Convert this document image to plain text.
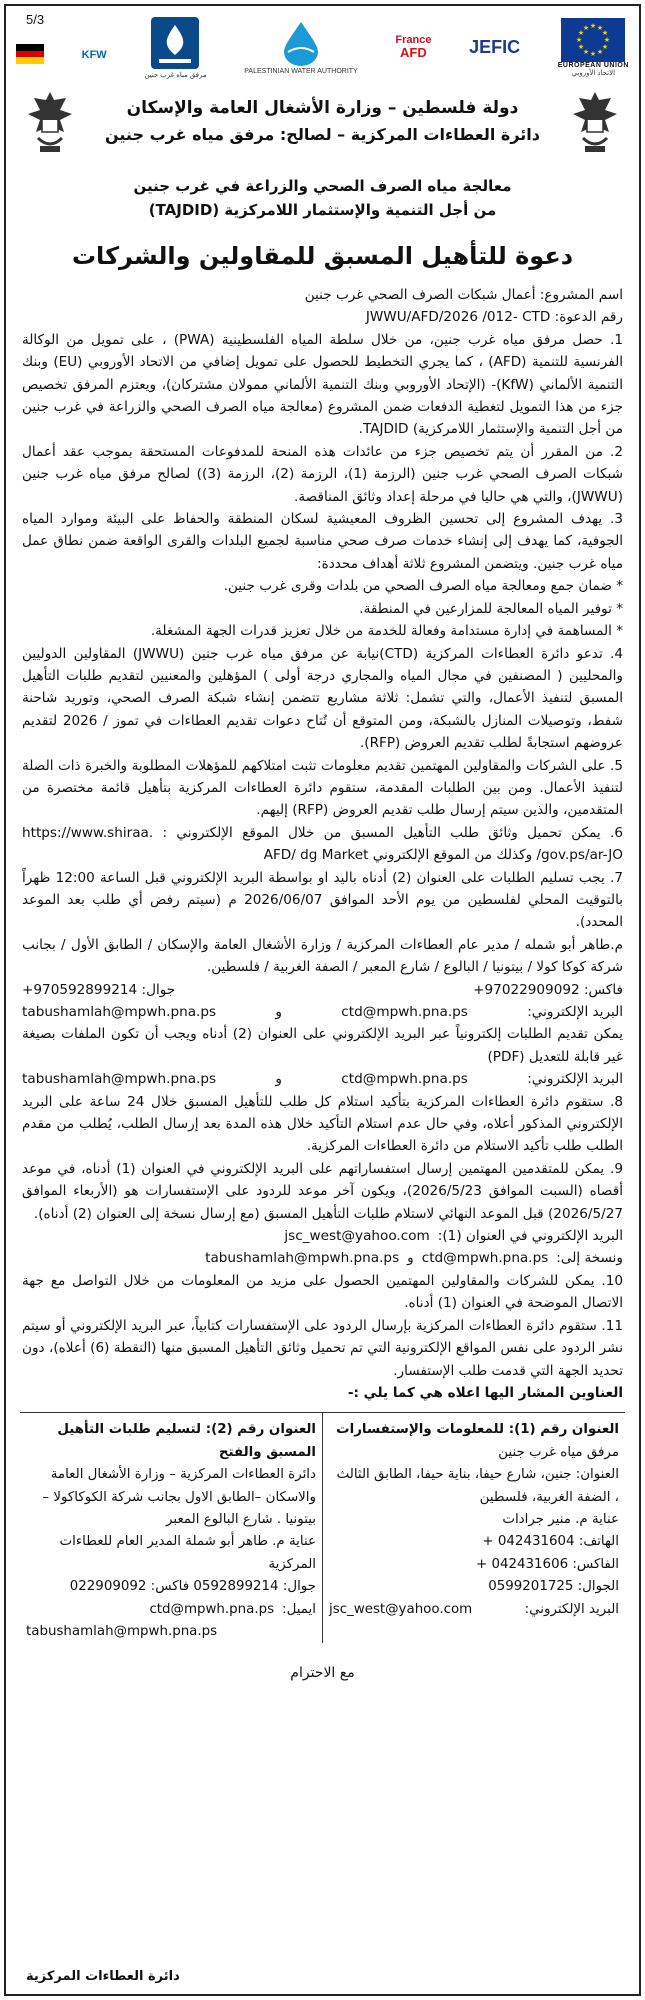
5/3
KFW
مرفق مياه غرب جنين
PALESTINIAN WATER AUTHORITY
France
AFD JEFIC
★ ★
★
★
★
★
★
★
★
★
★
★
EUROPEAN UNION
الاتحاد الأوروبي
دولة فلسطين – وزارة الأشغال العامة والإسكان
دائرة العطاءات المركزية – لصالح: مرفق مياه غرب جنين
معالجة مياه الصرف الصحي والزراعة في غرب جنين
من أجل التنمية والإستثمار اللامركزية (TAJDID)
دعوة للتأهيل المسبق للمقاولين والشركات

اسم المشروع: أعمال شبكات الصرف الصحي غرب جنين

رقم الدعوة: JWWU/AFD/2026 /012- CTD

1. حصل مرفق مياه غرب جنين، من خلال سلطة المياه الفلسطينية (PWA) ، على تمويل من الوكالة الفرنسية للتنمية (AFD) ، كما يجري التخطيط للحصول على تمويل إضافي من الاتحاد الأوروبي (EU) وبنك التنمية الألماني (KfW)- (الإتحاد الأوروبي وبنك التنمية الألماني ممولان مشتركان)، ويعتزم المرفق تخصيص جزء من هذا التمويل لتغطية الدفعات ضمن المشروع (معالجة مياه الصرف الصحي والزراعة في غرب جنين من أجل التنمية والإستثمار اللامركزية) TAJDID.

2. من المقرر أن يتم تخصيص جزء من عائدات هذه المنحة للمدفوعات المستحقة بموجب عقد أعمال شبكات الصرف الصحي غرب جنين (الرزمة (1)، الرزمة (2)، الرزمة (3)) لصالح مرفق مياه غرب جنين (JWWU)، والتي هي حاليا في مرحلة إعداد وثائق المناقصة.

3. يهدف المشروع إلى تحسين الظروف المعيشية لسكان المنطقة والحفاظ على البيئة وموارد المياه الجوفية، كما يهدف إلى إنشاء خدمات صرف صحي مناسبة لجميع البلدات والقرى الواقعة ضمن نطاق عمل مياه غرب جنين. ويتضمن المشروع ثلاثة أهداف محددة:

* ضمان جمع ومعالجة مياه الصرف الصحي من بلدات وقرى غرب جنين.

* توفير المياه المعالجة للمزارعين في المنطقة.

* المساهمة في إدارة مستدامة وفعالة للخدمة من خلال تعزيز قدرات الجهة المشغلة.

4. تدعو دائرة العطاءات المركزية (CTD)نيابة عن مرفق مياه غرب جنين (JWWU) المقاولين الدوليين والمحليين ( المصنفين في مجال المياه والمجاري درجة أولى ) المؤهلين والمعنيين لتقديم طلبات التأهيل المسبق لتنفيذ الأعمال، والتي تشمل: ثلاثة مشاريع تتضمن إنشاء شبكة الصرف الصحي، وتوريد شاحنة شفط، وتوصيلات المنازل بالشبكة، ومن المتوقع أن تُتاح دعوات تقديم العطاءات في تموز / 2026 لتقديم عروضهم استجابةً لطلب تقديم العروض (RFP).

5. على الشركات والمقاولين المهتمين تقديم معلومات تثبت امتلاكهم للمؤهلات المطلوبة والخبرة ذات الصلة لتنفيذ الأعمال. ومن بين الطلبات المقدمة، ستقوم دائرة العطاءات المركزية بتأهيل قائمة مختصرة من المتقدمين، والذين سيتم إرسال طلب تقديم العروض (RFP) إليهم.

6. يمكن تحميل وثائق طلب التأهيل المسبق من خلال الموقع الإلكتروني : https://www.shiraa. gov.ps/ar-JO/ وكذلك من الموقع الإلكتروني AFD/ dg Market

7. يجب تسليم الطلبات على العنوان (2) أدناه باليد او بواسطة البريد الإلكتروني قبل الساعة 12:00 ظهراً بالتوقيت المحلي لفلسطين من يوم الأحد الموافق 2026/06/07 م (سيتم رفض أي طلب بعد الموعد المحدد).

م.طاهر أبو شمله / مدير عام العطاءات المركزية / وزارة الأشغال العامة والإسكان / الطابق الأول / بجانب شركة كوكا كولا / بيتونيا / البالوع / شارع المعبر / الصفة الغربية / فلسطين.

فاكس: 97022909092+
جوال: 970592899214+
البريد الإلكتروني:
ctd@mpwh.pna.ps
و
tabushamlah@mpwh.pna.ps

يمكن تقديم الطلبات إلكترونياً عبر البريد الإلكتروني على العنوان (2) أدناه ويجب أن تكون الملفات بصيغة غير قابلة للتعديل (PDF)

البريد الإلكتروني:
ctd@mpwh.pna.ps
و
tabushamlah@mpwh.pna.ps

8. ستقوم دائرة العطاءات المركزية بتأكيد استلام كل طلب للتأهيل المسبق خلال 24 ساعة على البريد الإلكتروني المذكور أعلاه، وفي حال عدم استلام التأكيد خلال هذه المدة بعد إرسال الطلب، يُطلب من مقدم الطلب طلب تأكيد الاستلام من دائرة العطاءات المركزية.

9. يمكن للمتقدمين المهتمين إرسال استفساراتهم على البريد الإلكتروني في العنوان (1) أدناه، في موعد أقصاه (السبت الموافق 2026/5/23)، ويكون آخر موعد للردود على الإستفسارات هو (الأربعاء الموافق 2026/5/27) قبل الموعد النهائي لاستلام طلبات التأهيل المسبق (مع إرسال نسخة إلى العنوان (2) أدناه).

البريد الإلكتروني في العنوان (1):
jsc_west@yahoo.com
ونسخة إلى:
ctd@mpwh.pna.ps
و
tabushamlah@mpwh.pna.ps

10. يمكن للشركات والمقاولين المهتمين الحصول على مزيد من المعلومات من خلال التواصل مع جهة الاتصال الموضحة في العنوان (1) أدناه.

11. ستقوم دائرة العطاءات المركزية بإرسال الردود على الإستفسارات كتابياً، عبر البريد الإلكتروني أو سيتم نشر الردود على نفس المواقع الإلكترونية التي تم تحميل وثائق التأهيل المسبق منها (النقطة (6) أعلاه)، دون تحديد الجهة التي قدمت طلب الإستفسار.

العناوين المشار اليها اعلاه هي كما يلي :-

العنوان رقم (1): للمعلومات والإستفسارات

مرفق مياه غرب جنين

العنوان: جنين، شارع حيفا، بناية حيفا، الطابق الثالث ، الضفة الغربية، فلسطين

عناية م. منير جرادات

الهاتف: 042431604 +

الفاكس: 042431606 +

الجوال: 0599201725

البريد الإلكتروني:
jsc_west@yahoo.com

العنوان رقم (2): لتسليم طلبات التأهيل المسبق والفتح

دائرة العطاءات المركزية – وزارة الأشغال العامة والاسكان –الطابق الاول بجانب شركة الكوكاكولا – بيتونيا . شارع البالوع المعبر

عناية م. طاهر أبو شملة المدير العام للعطاءات المركزية

جوال: 0592899214 فاكس: 022909092

ايميل:
ctd@mpwh.pna.ps

tabushamlah@mpwh.pna.ps

مع الاحترام
دائرة العطاءات المركزية
